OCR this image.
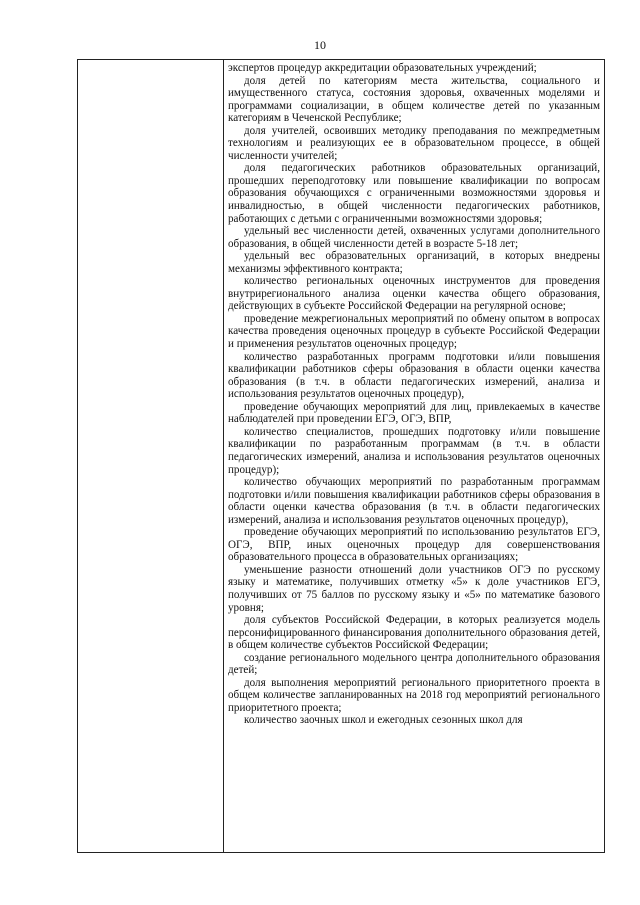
10

экспертов процедур аккредитации образовательных учреждений;

доля детей по категориям места жительства, социального и имущественного статуса, состояния здоровья, охваченных моделями и программами социализации, в общем количестве детей по указанным категориям в Чеченской Республике;

доля учителей, освоивших методику преподавания по межпредметным технологиям и реализующих ее в образовательном процессе, в общей численности учителей;

доля педагогических работников образовательных организаций, прошедших переподготовку или повышение квалификации по вопросам образования обучающихся с ограниченными возможностями здоровья и инвалидностью, в общей численности педагогических работников, работающих с детьми с ограниченными возможностями здоровья;

удельный вес численности детей, охваченных услугами дополнительного образования, в общей численности детей в возрасте 5-18 лет;

удельный вес образовательных организаций, в которых внедрены механизмы эффективного контракта;

количество региональных оценочных инструментов для проведения внутрирегионального анализа оценки качества общего образования, действующих в субъекте Российской Федерации на регулярной основе;

проведение межрегиональных мероприятий по обмену опытом в вопросах качества проведения оценочных процедур в субъекте Российской Федерации и применения результатов оценочных процедур;

количество разработанных программ подготовки и/или повышения квалификации работников сферы образования в области оценки качества образования (в т.ч. в области педагогических измерений, анализа и использования результатов оценочных процедур),

проведение обучающих мероприятий для лиц, привлекаемых в качестве наблюдателей при проведении ЕГЭ, ОГЭ, ВПР,

количество специалистов, прошедших подготовку и/или повышение квалификации по разработанным программам (в т.ч. в области педагогических измерений, анализа и использования результатов оценочных процедур);

количество обучающих мероприятий по разработанным программам подготовки и/или повышения квалификации работников сферы образования в области оценки качества образования (в т.ч. в области педагогических измерений, анализа и использования результатов оценочных процедур),

проведение обучающих мероприятий по использованию результатов ЕГЭ, ОГЭ, ВПР, иных оценочных процедур для совершенствования образовательного процесса в образовательных организациях;

уменьшение разности отношений доли участников ОГЭ по русскому языку и математике, получивших отметку «5» к доле участников ЕГЭ, получивших от 75 баллов по русскому языку и «5» по математике базового уровня;

доля субъектов Российской Федерации, в которых реализуется модель персонифицированного финансирования дополнительного образования детей, в общем количестве субъектов Российской Федерации;

создание регионального модельного центра дополнительного образования детей;

доля выполнения мероприятий регионального приоритетного проекта в общем количестве запланированных на 2018 год мероприятий регионального приоритетного проекта;

количество заочных школ и ежегодных сезонных школ для
